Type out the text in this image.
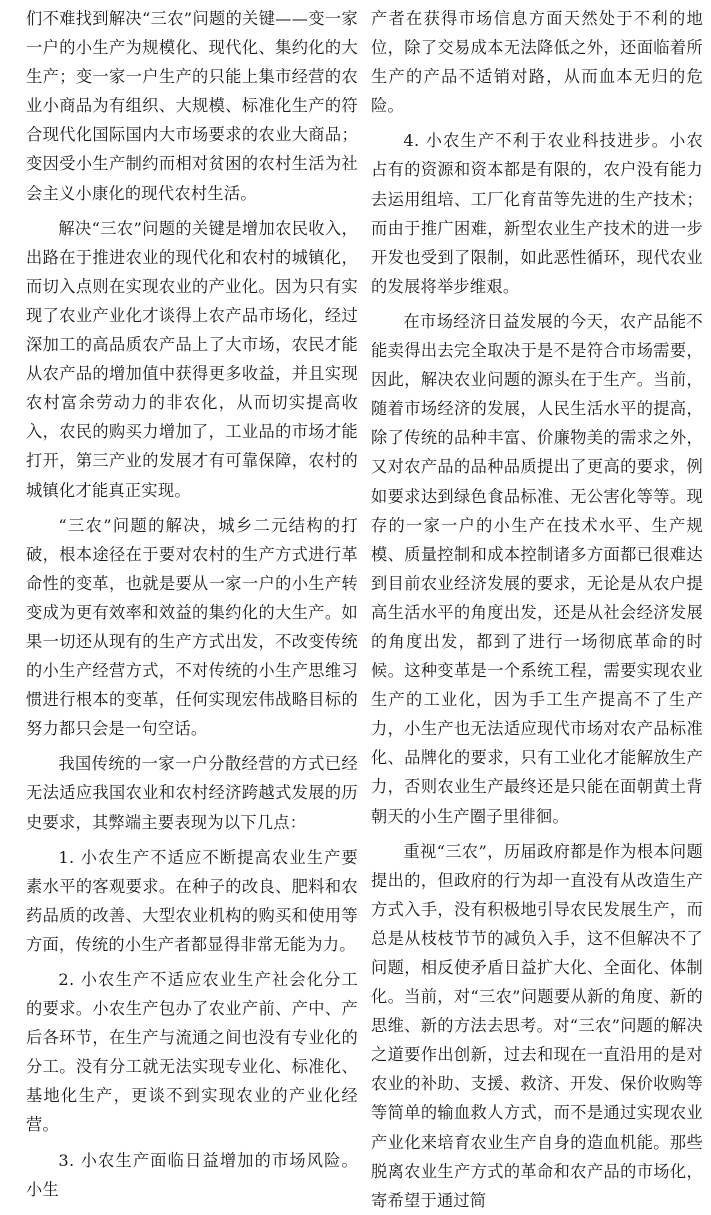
们不难找到解决“三农”问题的关键——变一家一户的小生产为规模化、现代化、集约化的大生产；变一家一户生产的只能上集市经营的农业小商品为有组织、大规模、标准化生产的符合现代化国际国内大市场要求的农业大商品；变因受小生产制约而相对贫困的农村生活为社会主义小康化的现代农村生活。

解决“三农”问题的关键是增加农民收入，出路在于推进农业的现代化和农村的城镇化，而切入点则在实现农业的产业化。因为只有实现了农业产业化才谈得上农产品市场化，经过深加工的高品质农产品上了大市场，农民才能从农产品的增加值中获得更多收益，并且实现农村富余劳动力的非农化，从而切实提高收入，农民的购买力增加了，工业品的市场才能打开，第三产业的发展才有可靠保障，农村的城镇化才能真正实现。

“三农”问题的解决，城乡二元结构的打破，根本途径在于要对农村的生产方式进行革命性的变革，也就是要从一家一户的小生产转变成为更有效率和效益的集约化的大生产。如果一切还从现有的生产方式出发，不改变传统的小生产经营方式，不对传统的小生产思维习惯进行根本的变革，任何实现宏伟战略目标的努力都只会是一句空话。

我国传统的一家一户分散经营的方式已经无法适应我国农业和农村经济跨越式发展的历史要求，其弊端主要表现为以下几点：

1. 小农生产不适应不断提高农业生产要素水平的客观要求。在种子的改良、肥料和农药品质的改善、大型农业机构的购买和使用等方面，传统的小生产者都显得非常无能为力。

2. 小农生产不适应农业生产社会化分工的要求。小农生产包办了农业产前、产中、产后各环节，在生产与流通之间也没有专业化的分工。没有分工就无法实现专业化、标准化、基地化生产，更谈不到实现农业的产业化经营。

3. 小农生产面临日益增加的市场风险。小生

产者在获得市场信息方面天然处于不利的地位，除了交易成本无法降低之外，还面临着所生产的产品不适销对路，从而血本无归的危险。

4. 小农生产不利于农业科技进步。小农占有的资源和资本都是有限的，农户没有能力去运用组培、工厂化育苗等先进的生产技术；而由于推广困难，新型农业生产技术的进一步开发也受到了限制，如此恶性循环，现代农业的发展将举步维艰。

在市场经济日益发展的今天，农产品能不能卖得出去完全取决于是不是符合市场需要，因此，解决农业问题的源头在于生产。当前，随着市场经济的发展，人民生活水平的提高，除了传统的品种丰富、价廉物美的需求之外，又对农产品的品种品质提出了更高的要求，例如要求达到绿色食品标准、无公害化等等。现存的一家一户的小生产在技术水平、生产规模、质量控制和成本控制诸多方面都已很难达到目前农业经济发展的要求，无论是从农户提高生活水平的角度出发，还是从社会经济发展的角度出发，都到了进行一场彻底革命的时候。这种变革是一个系统工程，需要实现农业生产的工业化，因为手工生产提高不了生产力，小生产也无法适应现代市场对农产品标准化、品牌化的要求，只有工业化才能解放生产力，否则农业生产最终还是只能在面朝黄土背朝天的小生产圈子里徘徊。

重视“三农”，历届政府都是作为根本问题提出的，但政府的行为却一直没有从改造生产方式入手，没有积极地引导农民发展生产，而总是从枝枝节节的减负入手，这不但解决不了问题，相反使矛盾日益扩大化、全面化、体制化。当前，对“三农”问题要从新的角度、新的思维、新的方法去思考。对“三农”问题的解决之道要作出创新，过去和现在一直沿用的是对农业的补助、支援、救济、开发、保价收购等等简单的输血救人方式，而不是通过实现农业产业化来培育农业生产自身的造血机能。那些脱离农业生产方式的革命和农产品的市场化，寄希望于通过简
